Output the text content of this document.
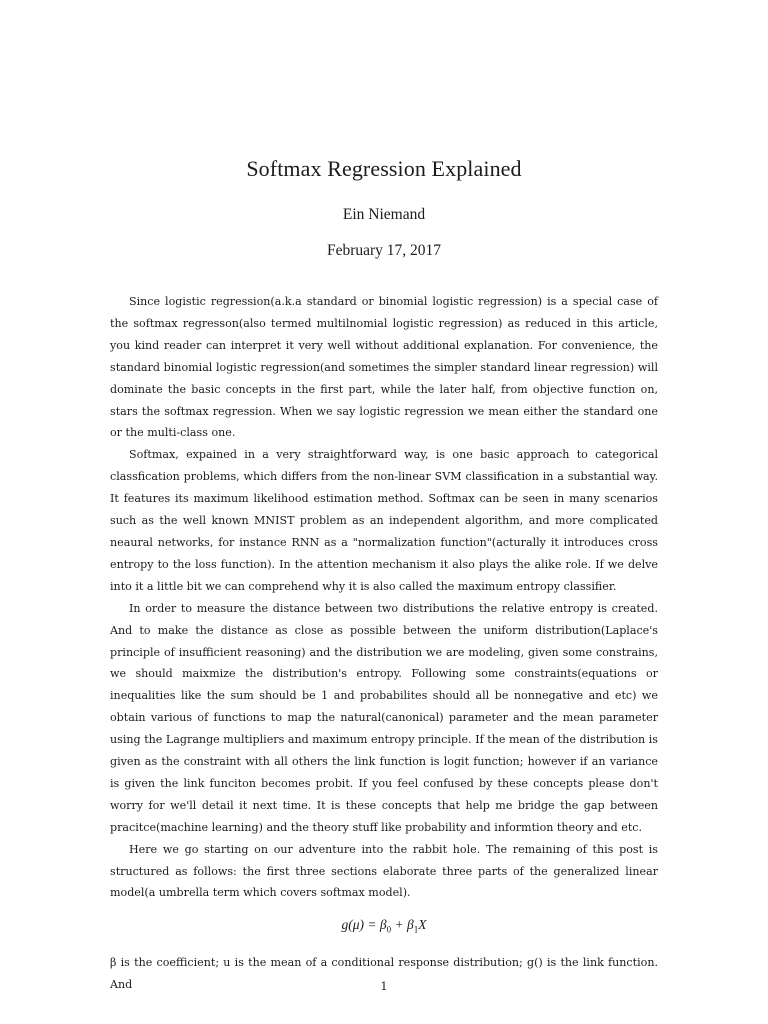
Softmax Regression Explained
Ein Niemand
February 17, 2017

Since logistic regression(a.k.a standard or binomial logistic regression) is a special case of the softmax regresson(also termed multilnomial logistic regression) as reduced in this article, you kind reader can interpret it very well without additional explanation. For convenience, the standard binomial logistic regression(and sometimes the simpler standard linear regression) will dominate the basic concepts in the first part, while the later half, from objective function on, stars the softmax regression. When we say logistic regression we mean either the standard one or the multi-class one.

Softmax, expained in a very straightforward way, is one basic approach to categorical classfication problems, which differs from the non-linear SVM classification in a substantial way. It features its maximum likelihood estimation method. Softmax can be seen in many scenarios such as the well known MNIST problem as an independent algorithm, and more complicated neaural networks, for instance RNN as a "normalization function"(acturally it introduces cross entropy to the loss function). In the attention mechanism it also plays the alike role. If we delve into it a little bit we can comprehend why it is also called the maximum entropy classifier.

In order to measure the distance between two distributions the relative entropy is created. And to make the distance as close as possible between the uniform distribution(Laplace's principle of insufficient reasoning) and the distribution we are modeling, given some constrains, we should maixmize the distribution's entropy. Following some constraints(equations or inequalities like the sum should be 1 and probabilites should all be nonnegative and etc) we obtain various of functions to map the natural(canonical) parameter and the mean parameter using the Lagrange multipliers and maximum entropy principle. If the mean of the distribution is given as the constraint with all others the link function is logit function; however if an variance is given the link funciton becomes probit. If you feel confused by these concepts please don't worry for we'll detail it next time. It is these concepts that help me bridge the gap between pracitce(machine learning) and the theory stuff like probability and informtion theory and etc.

Here we go starting on our adventure into the rabbit hole. The remaining of this post is structured as follows: the first three sections elaborate three parts of the generalized linear model(a umbrella term which covers softmax model).

$g(\mu) = \beta_0 + \beta_1X$

β is the coefficient; u is the mean of a conditional response distribution; g() is the link function. And	1
